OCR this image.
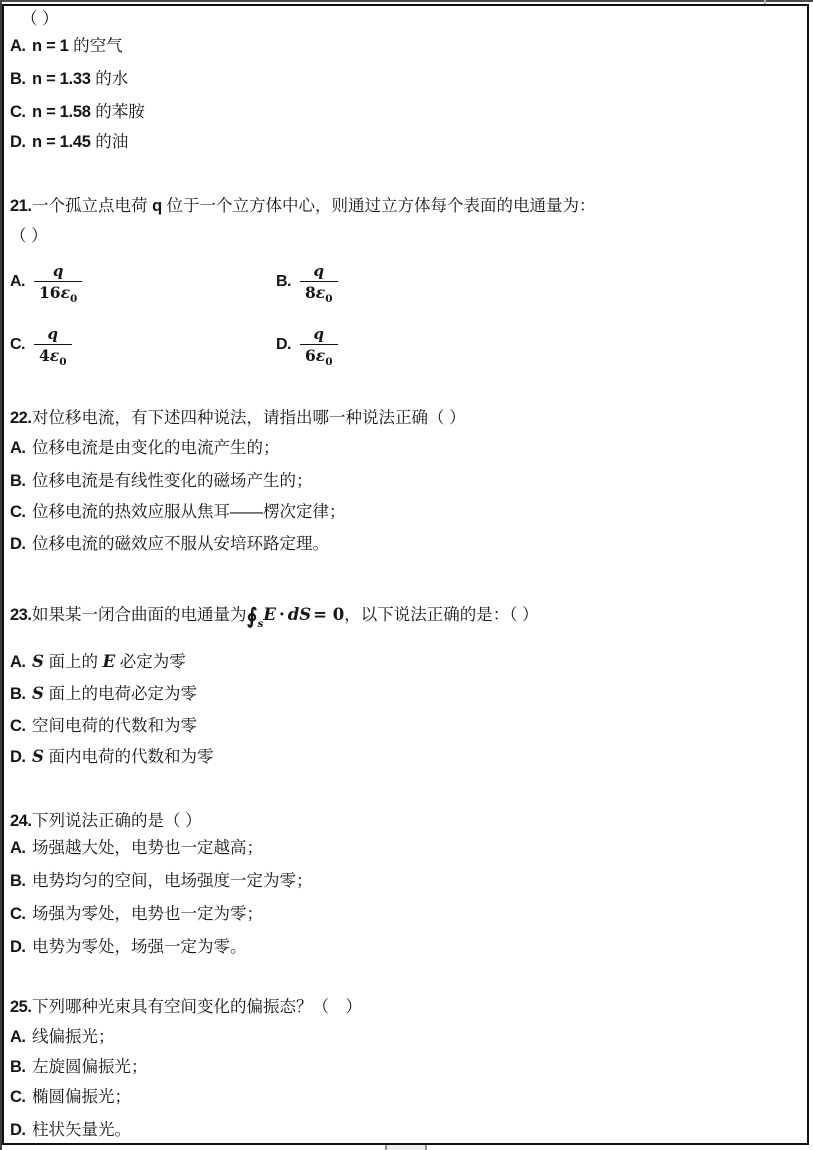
（ ）
A. n = 1 的空气
B. n = 1.33 的水
C. n = 1.58 的苯胺
D. n = 1.45 的油
21.一个孤立点电荷 q 位于一个立方体中心，则通过立方体每个表面的电通量为：
（ ）
A. $\frac{q}{16\varepsilon_0}$	B. $\frac{q}{8\varepsilon_0}$
C. $\frac{q}{4\varepsilon_0}$	D. $\frac{q}{6\varepsilon_0}$
22.对位移电流，有下述四种说法，请指出哪一种说法正确（ ）
A. 位移电流是由变化的电流产生的；
B. 位移电流是有线性变化的磁场产生的；
C. 位移电流的热效应服从焦耳——楞次定律；
D. 位移电流的磁效应不服从安培环路定理。
23.如果某一闭合曲面的电通量为$∮_sE$ · dS = 0，以下说法正确的是：（ ）
A. S 面上的 E 必定为零
B. S 面上的电荷必定为零
C. 空间电荷的代数和为零
D. S 面内电荷的代数和为零
24.下列说法正确的是（ ）
A. 场强越大处，电势也一定越高；
B. 电势均匀的空间，电场强度一定为零；
C. 场强为零处，电势也一定为零；
D. 电势为零处，场强一定为零。
25.下列哪种光束具有空间变化的偏振态？（　）
A. 线偏振光；
B. 左旋圆偏振光；
C. 椭圆偏振光；
D. 柱状矢量光。
